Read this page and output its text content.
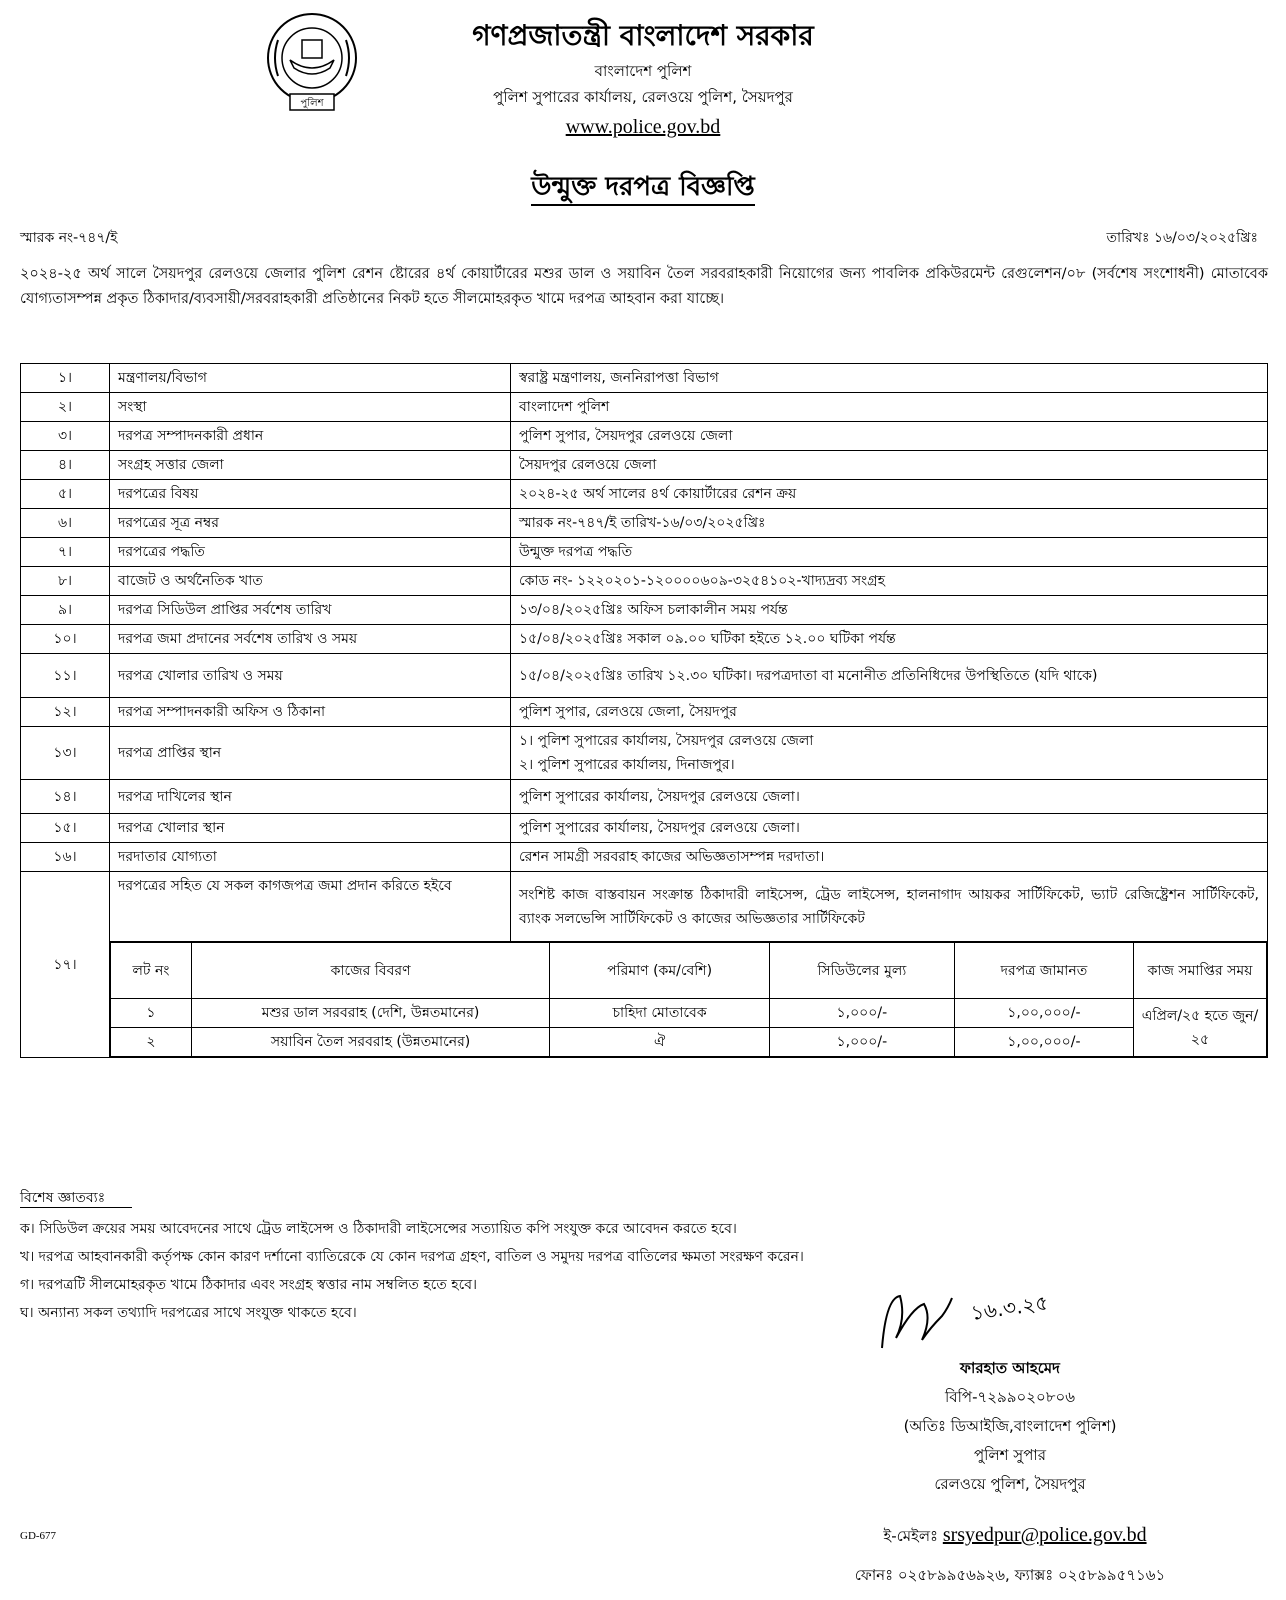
পুলিশ
গণপ্রজাতন্ত্রী বাংলাদেশ সরকার
বাংলাদেশ পুলিশ
পুলিশ সুপারের কার্যালয়, রেলওয়ে পুলিশ, সৈয়দপুর
www.police.gov.bd
উন্মুক্ত দরপত্র বিজ্ঞপ্তি
স্মারক নং-৭৪৭/ই	তারিখঃ ১৬/০৩/২০২৫খ্রিঃ
২০২৪-২৫ অর্থ সালে সৈয়দপুর রেলওয়ে জেলার পুলিশ রেশন ষ্টোরের ৪র্থ কোয়ার্টারের মশুর ডাল ও সয়াবিন তৈল সরবরাহকারী নিয়োগের জন্য পাবলিক প্রকিউরমেন্ট রেগুলেশন/০৮ (সর্বশেষ সংশোধনী) মোতাবেক যোগ্যতাসম্পন্ন প্রকৃত ঠিকাদার/ব্যবসায়ী/সরবরাহকারী প্রতিষ্ঠানের নিকট হতে সীলমোহরকৃত খামে দরপত্র আহবান করা যাচ্ছে।
১।	মন্ত্রণালয়/বিভাগ	স্বরাষ্ট্র মন্ত্রণালয়, জননিরাপত্তা বিভাগ
২।	সংস্থা	বাংলাদেশ পুলিশ
৩।	দরপত্র সম্পাদনকারী প্রধান	পুলিশ সুপার, সৈয়দপুর রেলওয়ে জেলা
৪।	সংগ্রহ সত্তার জেলা	সৈয়দপুর রেলওয়ে জেলা
৫।	দরপত্রের বিষয়	২০২৪-২৫ অর্থ সালের ৪র্থ কোয়ার্টারের রেশন ক্রয়
৬।	দরপত্রের সূত্র নম্বর	স্মারক নং-৭৪৭/ই তারিখ-১৬/০৩/২০২৫খ্রিঃ
৭।	দরপত্রের পদ্ধতি	উন্মুক্ত দরপত্র পদ্ধতি
৮।	বাজেট ও অর্থনৈতিক খাত	কোড নং- ১২২০২০১-১২০০০০৬০৯-৩২৫৪১০২-খাদ্যদ্রব্য সংগ্রহ
৯।	দরপত্র সিডিউল প্রাপ্তির সর্বশেষ তারিখ	১৩/০৪/২০২৫খ্রিঃ অফিস চলাকালীন সময় পর্যন্ত
১০।	দরপত্র জমা প্রদানের সর্বশেষ তারিখ ও সময়	১৫/০৪/২০২৫খ্রিঃ সকাল ০৯.০০ ঘটিকা হইতে ১২.০০ ঘটিকা পর্যন্ত
১১।	দরপত্র খোলার তারিখ ও সময়	১৫/০৪/২০২৫খ্রিঃ তারিখ ১২.৩০ ঘটিকা। দরপত্রদাতা বা মনোনীত প্রতিনিধিদের উপস্থিতিতে (যদি থাকে)
১২।	দরপত্র সম্পাদনকারী অফিস ও ঠিকানা	পুলিশ সুপার, রেলওয়ে জেলা, সৈয়দপুর
১৩।	দরপত্র প্রাপ্তির স্থান	
১। পুলিশ সুপারের কার্যালয়, সৈয়দপুর রেলওয়ে জেলা
২। পুলিশ সুপারের কার্যালয়, দিনাজপুর।

১৪।	দরপত্র দাখিলের স্থান	পুলিশ সুপারের কার্যালয়, সৈয়দপুর রেলওয়ে জেলা।
১৫।	দরপত্র খোলার স্থান	পুলিশ সুপারের কার্যালয়, সৈয়দপুর রেলওয়ে জেলা।
১৬।	দরদাতার যোগ্যতা	রেশন সামগ্রী সরবরাহ কাজের অভিজ্ঞতাসম্পন্ন দরদাতা।
১৭।	দরপত্রের সহিত যে সকল কাগজপত্র জমা প্রদান করিতে হইবে	সংশিষ্ট কাজ বাস্তবায়ন সংক্রান্ত ঠিকাদারী লাইসেন্স, ট্রেড লাইসেন্স, হালনাগাদ আয়কর সার্টিফিকেট, ভ্যাট রেজিষ্ট্রেশন সার্টিফিকেট, ব্যাংক সলভেন্সি সার্টিফিকেট ও কাজের অভিজ্ঞতার সার্টিফিকেট

লট নং	কাজের বিবরণ	পরিমাণ (কম/বেশি)	সিডিউলের মুল্য	দরপত্র জামানত	কাজ সমাপ্তির সময়
১	মশুর ডাল সরবরাহ (দেশি, উন্নতমানের)	চাহিদা মোতাবেক	১,০০০/-	১,০০,০০০/-	এপ্রিল/২৫ হতে জুন/২৫
২	সয়াবিন তৈল সরবরাহ (উন্নতমানের)	ঐ	১,০০০/-	১,০০,০০০/-
বিশেষ জ্ঞাতব্যঃ
ক। সিডিউল ক্রয়ের সময় আবেদনের সাথে ট্রেড লাইসেন্স ও ঠিকাদারী লাইসেন্সের সত্যায়িত কপি সংযুক্ত করে আবেদন করতে হবে।
খ। দরপত্র আহবানকারী কর্তৃপক্ষ কোন কারণ দর্শানো ব্যাতিরেকে যে কোন দরপত্র গ্রহণ, বাতিল ও সমুদয় দরপত্র বাতিলের ক্ষমতা সংরক্ষণ করেন।
গ। দরপত্রটি সীলমোহরকৃত খামে ঠিকাদার এবং সংগ্রহ স্বত্তার নাম সম্বলিত হতে হবে।
ঘ। অন্যান্য সকল তথ্যাদি দরপত্রের সাথে সংযুক্ত থাকতে হবে।	১৬.৩.২৫
ফারহাত আহমেদ
বিপি-৭২৯৯০২০৮০৬
(অতিঃ ডিআইজি,বাংলাদেশ পুলিশ)
পুলিশ সুপার
রেলওয়ে পুলিশ, সৈয়দপুর
ই-মেইলঃ srsyedpur@police.gov.bd
ফোনঃ ০২৫৮৯৯৫৬৯২৬, ফ্যাক্সঃ ০২৫৮৯৯৫৭১৬১
GD-677
